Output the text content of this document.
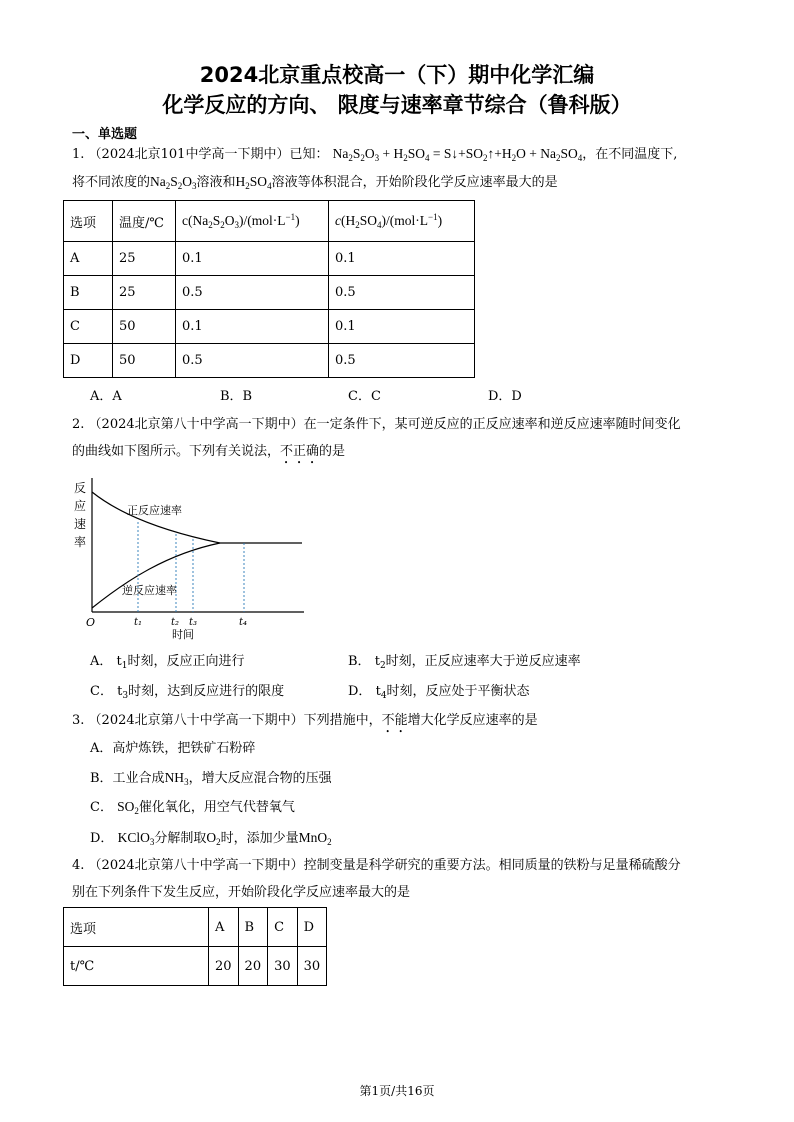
2024北京重点校高一（下）期中化学汇编
化学反应的方向、 限度与速率章节综合（鲁科版）
一、单选题
1. （2024北京101中学高一下期中）已知： $Na_2S_2O_3 + H_2SO_4$ = $S↓+SO_2↑+H_2O + Na_2SO_4$，在不同温度下,
将不同浓度的$Na_2S_2O_3$溶液和$H_2SO_4$溶液等体积混合，开始阶段化学反应速率最大的是
选项	温度/℃	$c(Na_2S_2O_3)/(mol\cdot L^{-1})$	$c(H_2SO_4)/(mol\cdot L^{-1})$
A	25	0.1	0.1
B	25	0.5	0.5
C	50	0.1	0.1
D	50	0.5	0.5
A．A	B．B	C．C	D．D
2. （2024北京第八十中学高一下期中）在一定条件下，某可逆反应的正反应速率和逆反应速率随时间变化
的曲线如下图所示。下列有关说法，不正确的是
反
应
速
率
正反应速率
逆反应速率
O	t₁	t₂ t₃	t₄
时间
A． $t_1$时刻，反应正向进行	B． $t_2$时刻，正反应速率大于逆反应速率
C． $t_3$时刻，达到反应进行的限度	D． $t_4$时刻，反应处于平衡状态
3. （2024北京第八十中学高一下期中）下列措施中，不能增大化学反应速率的是
A．高炉炼铁，把铁矿石粉碎
B．工业合成$NH_3$，增大反应混合物的压强
C． $SO_2$催化氧化，用空气代替氧气
D． KClO$_3$分解制取$O_2$时，添加少量MnO$_2$
4. （2024北京第八十中学高一下期中）控制变量是科学研究的重要方法。相同质量的铁粉与足量稀硫酸分
别在下列条件下发生反应，开始阶段化学反应速率最大的是
选项	A	B	C	D
t/℃	20	20	30	30
第1页/共16页
